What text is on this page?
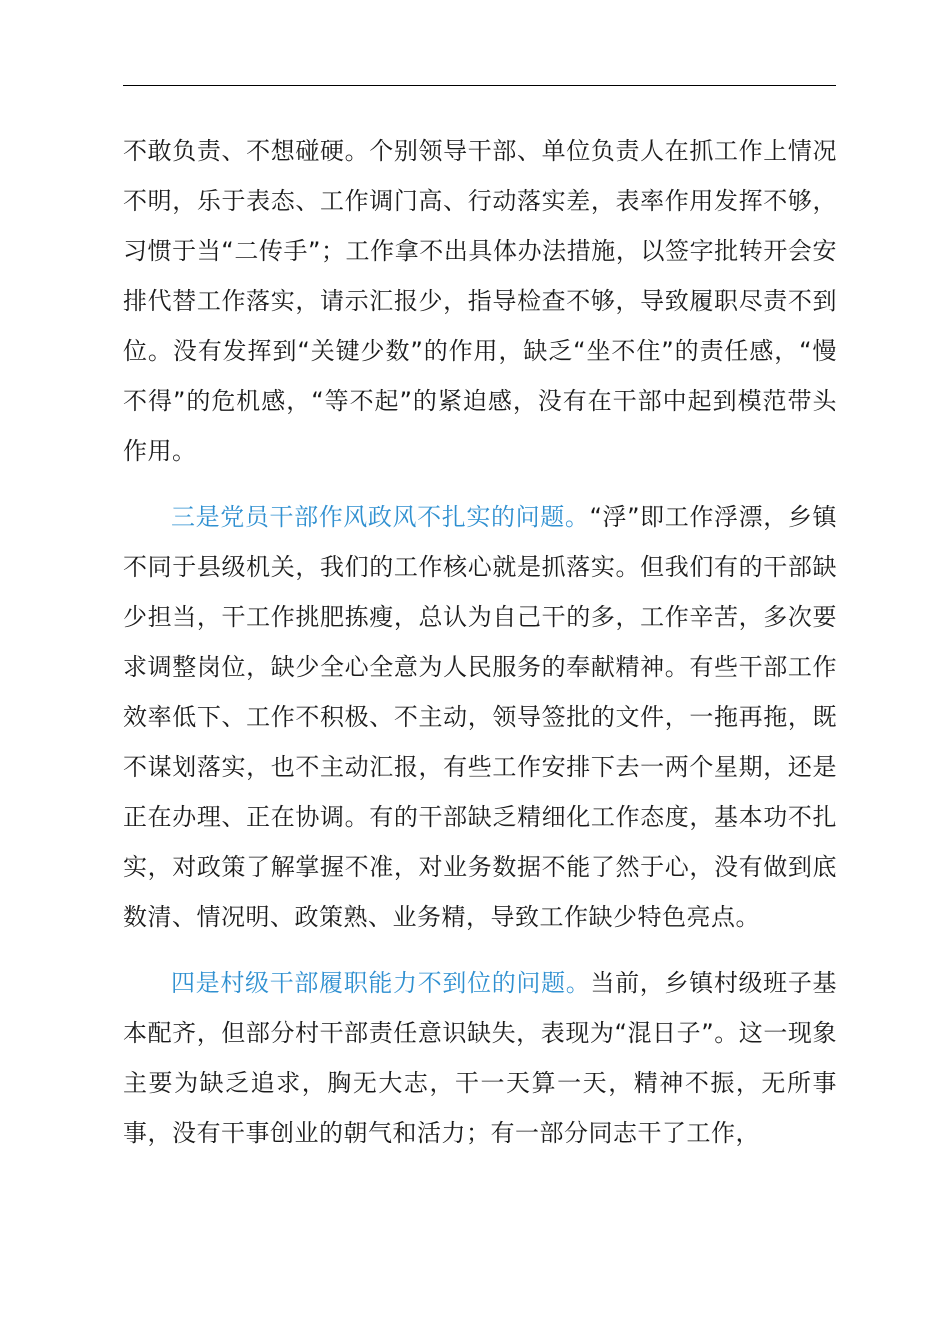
不敢负责、不想碰硬。个别领导干部、单位负责人在抓工作上情况不明，乐于表态、工作调门高、行动落实差，表率作用发挥不够，习惯于当“二传手”；工作拿不出具体办法措施，以签字批转开会安排代替工作落实，请示汇报少，指导检查不够，导致履职尽责不到位。没有发挥到“关键少数”的作用，缺乏“坐不住”的责任感，“慢不得”的危机感，“等不起”的紧迫感，没有在干部中起到模范带头作用。

三是党员干部作风政风不扎实的问题。“浮”即工作浮漂，乡镇不同于县级机关，我们的工作核心就是抓落实。但我们有的干部缺少担当，干工作挑肥拣瘦，总认为自己干的多，工作辛苦，多次要求调整岗位，缺少全心全意为人民服务的奉献精神。有些干部工作效率低下、工作不积极、不主动，领导签批的文件，一拖再拖，既不谋划落实，也不主动汇报，有些工作安排下去一两个星期，还是正在办理、正在协调。有的干部缺乏精细化工作态度，基本功不扎实，对政策了解掌握不准，对业务数据不能了然于心，没有做到底数清、情况明、政策熟、业务精，导致工作缺少特色亮点。

四是村级干部履职能力不到位的问题。当前，乡镇村级班子基本配齐，但部分村干部责任意识缺失，表现为“混日子”。这一现象主要为缺乏追求，胸无大志，干一天算一天，精神不振，无所事事，没有干事创业的朝气和活力；有一部分同志干了工作，
